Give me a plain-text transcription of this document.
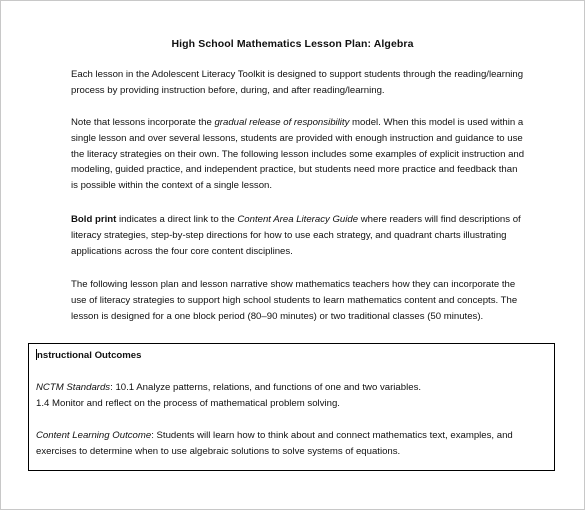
High School Mathematics Lesson Plan: Algebra

Each lesson in the Adolescent Literacy Toolkit is designed to support students through the reading/learning process by providing instruction before, during, and after reading/learning.

Note that lessons incorporate the gradual release of responsibility model. When this model is used within a single lesson and over several lessons, students are provided with enough instruction and guidance to use the literacy strategies on their own. The following lesson includes some examples of explicit instruction and modeling, guided practice, and independent practice, but students need more practice and feedback than is possible within the context of a single lesson.

Bold print indicates a direct link to the Content Area Literacy Guide where readers will find descriptions of literacy strategies, step-by-step directions for how to use each strategy, and quadrant charts illustrating applications across the four core content disciplines.

The following lesson plan and lesson narrative show mathematics teachers how they can incorporate the use of literacy strategies to support high school students to learn mathematics content and concepts. The lesson is designed for a one block period (80–90 minutes) or two traditional classes (50 minutes).

nstructional Outcomes

NCTM Standards: 10.1 Analyze patterns, relations, and functions of one and two variables.
1.4 Monitor and reflect on the process of mathematical problem solving.

Content Learning Outcome: Students will learn how to think about and connect mathematics text, examples, and exercises to determine when to use algebraic solutions to solve systems of equations.
